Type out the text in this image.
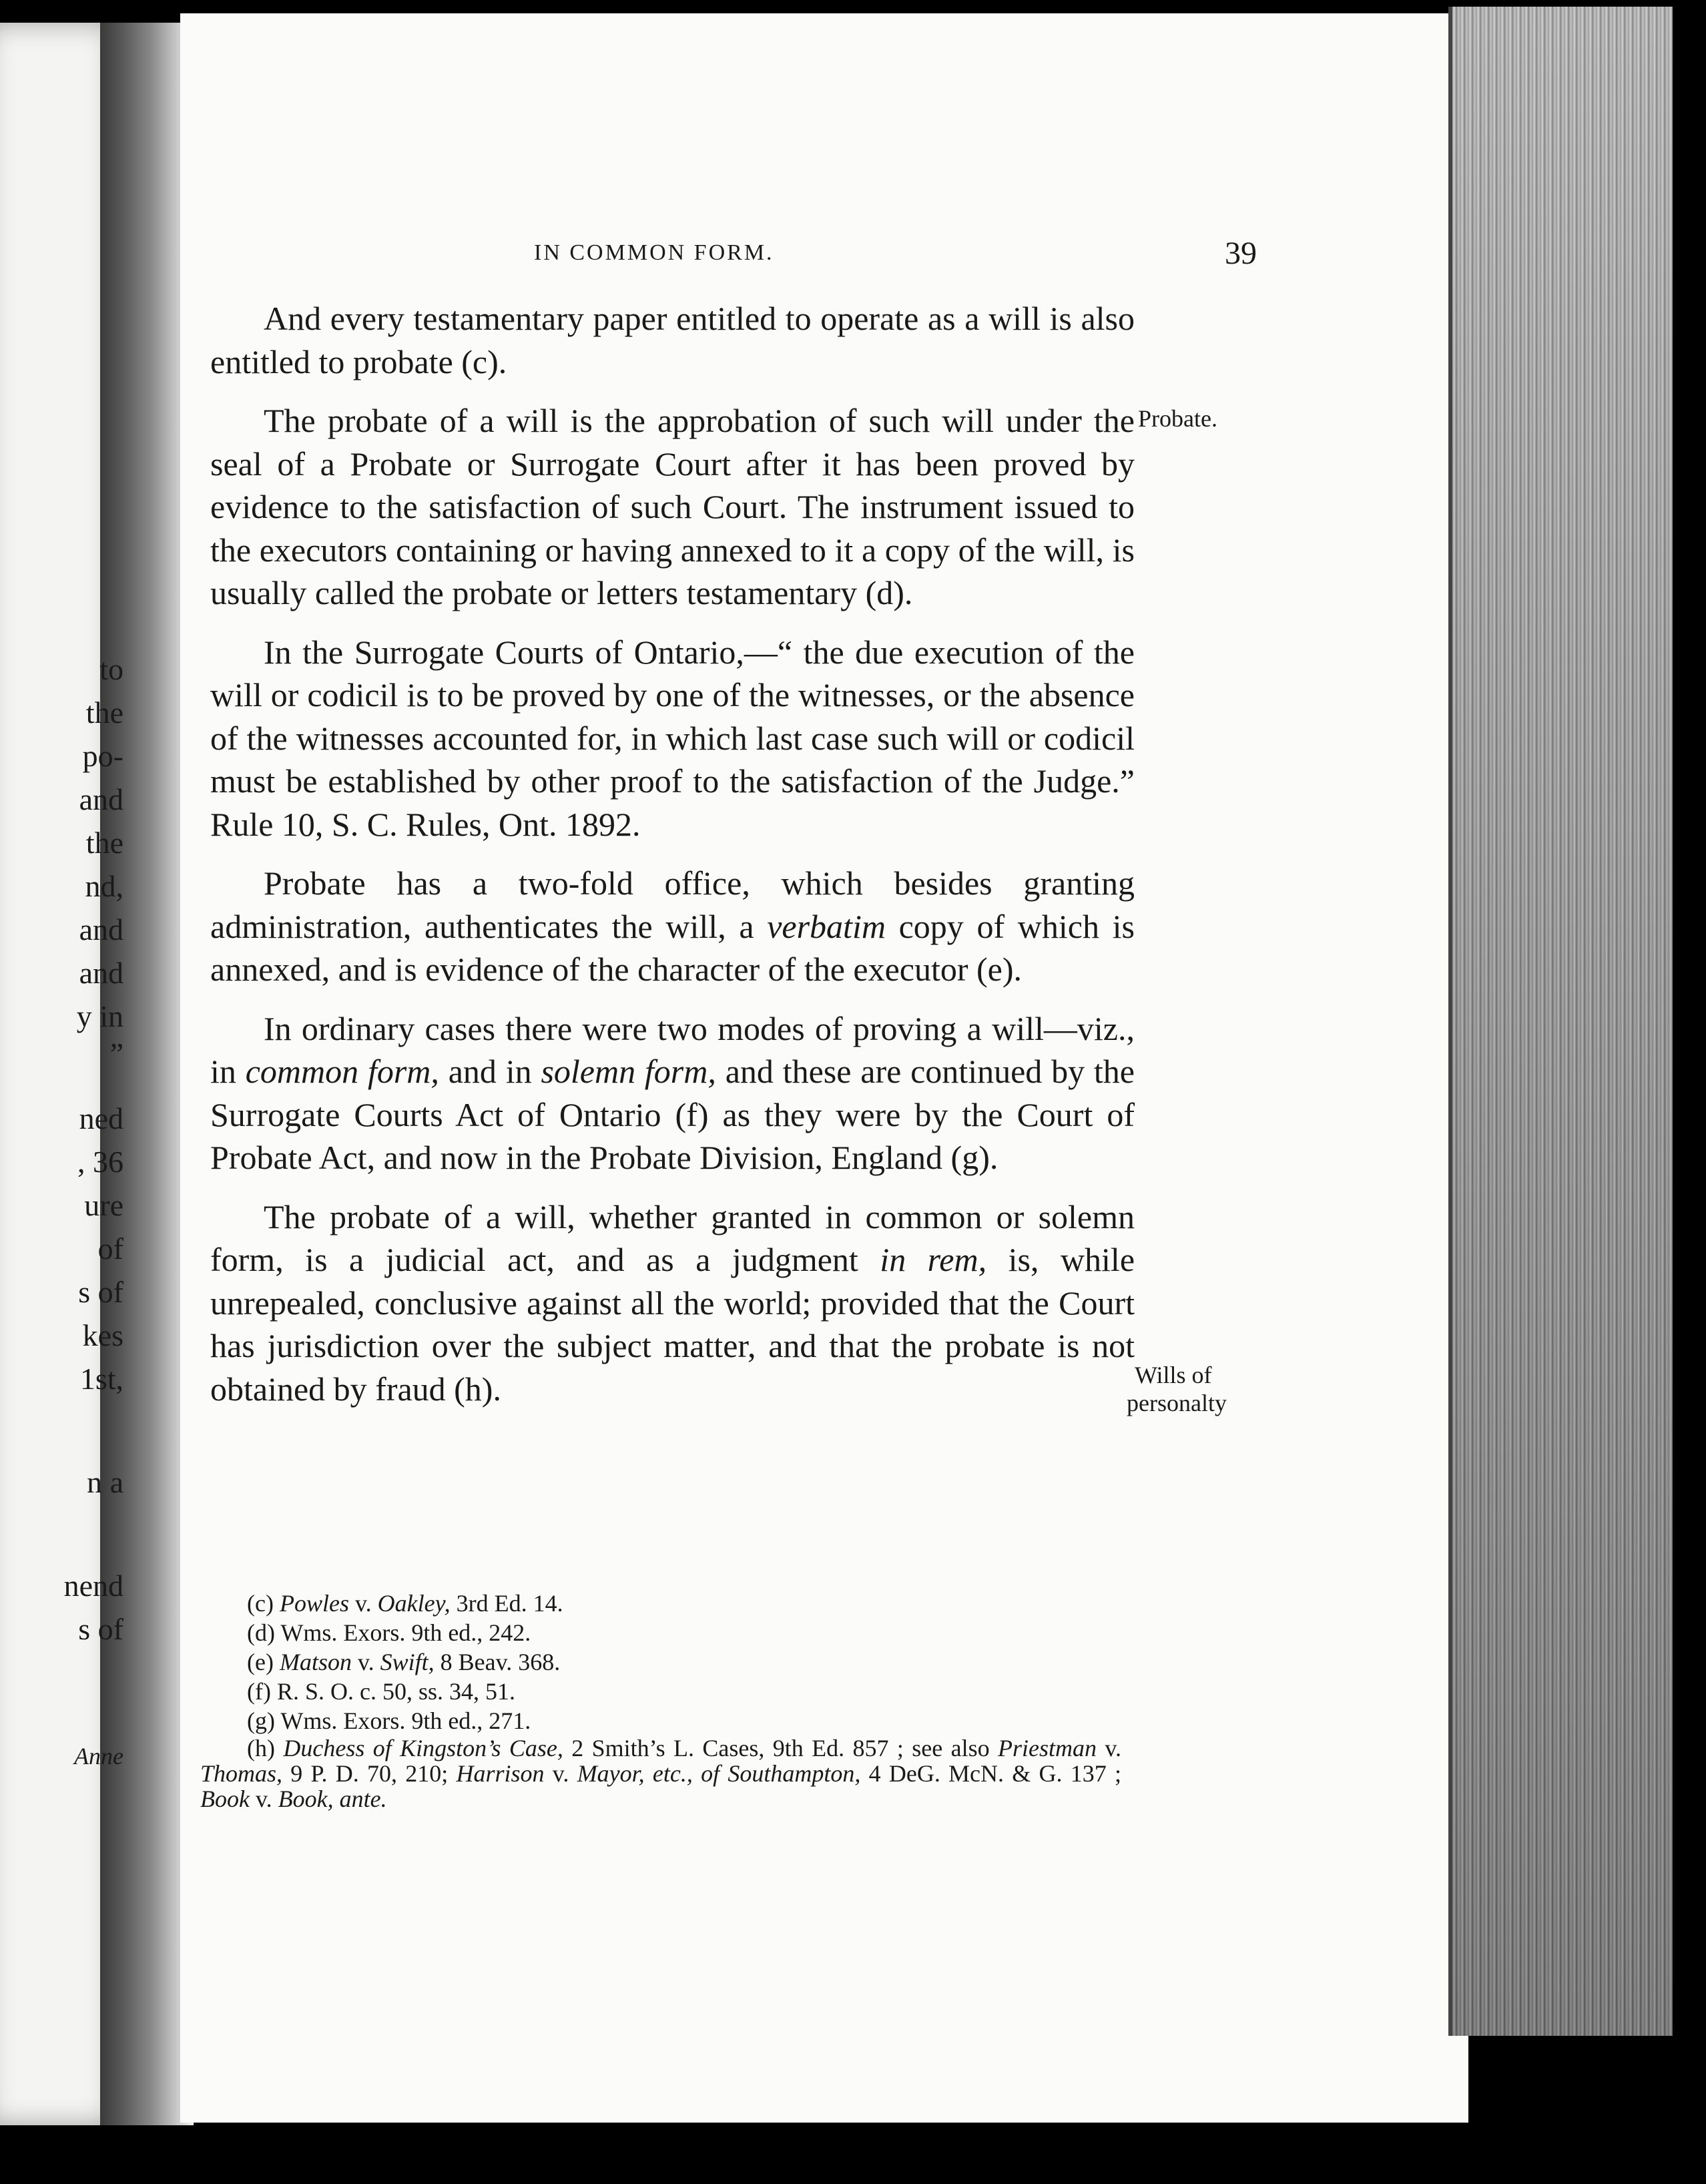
to
the
po-
and
the
nd,
and
and
y in
”
ned
, 36
ure
of
s of
kes
1st,
n a
nend
s of
Anne
IN COMMON FORM.	39

And every testamentary paper entitled to operate as a will is also entitled to probate (c).

The probate of a will is the approbation of such will under the seal of a Probate or Surrogate Court after it has been proved by evidence to the satisfaction of such Court. The instrument issued to the executors containing or having annexed to it a copy of the will, is usually called the probate or letters testamentary (d).

In the Surrogate Courts of Ontario,—“ the due execution of the will or codicil is to be proved by one of the witnesses, or the absence of the witnesses accounted for, in which last case such will or codicil must be established by other proof to the satisfaction of the Judge.” Rule 10, S. C. Rules, Ont. 1892.

Probate has a two-fold office, which besides granting administration, authenticates the will, a verbatim copy of which is annexed, and is evidence of the character of the executor (e).

In ordinary cases there were two modes of proving a will—viz., in common form, and in solemn form, and these are continued by the Surrogate Courts Act of Ontario (f) as they were by the Court of Probate Act, and now in the Probate Division, England (g).

The probate of a will, whether granted in common or solemn form, is a judicial act, and as a judgment in rem, is, while unrepealed, conclusive against all the world; provided that the Court has jurisdiction over the subject matter, and that the probate is not obtained by fraud (h).

Probate.
Wills of
personalty

(c) Powles v. Oakley, 3rd Ed. 14.

(d) Wms. Exors. 9th ed., 242.

(e) Matson v. Swift, 8 Beav. 368.

(f) R. S. O. c. 50, ss. 34, 51.

(g) Wms. Exors. 9th ed., 271.

(h) Duchess of Kingston’s Case, 2 Smith’s L. Cases, 9th Ed. 857 ; see also Priestman v. Thomas, 9 P. D. 70, 210; Harrison v. Mayor, etc., of Southampton, 4 DeG. McN. & G. 137 ; Book v. Book, ante.
